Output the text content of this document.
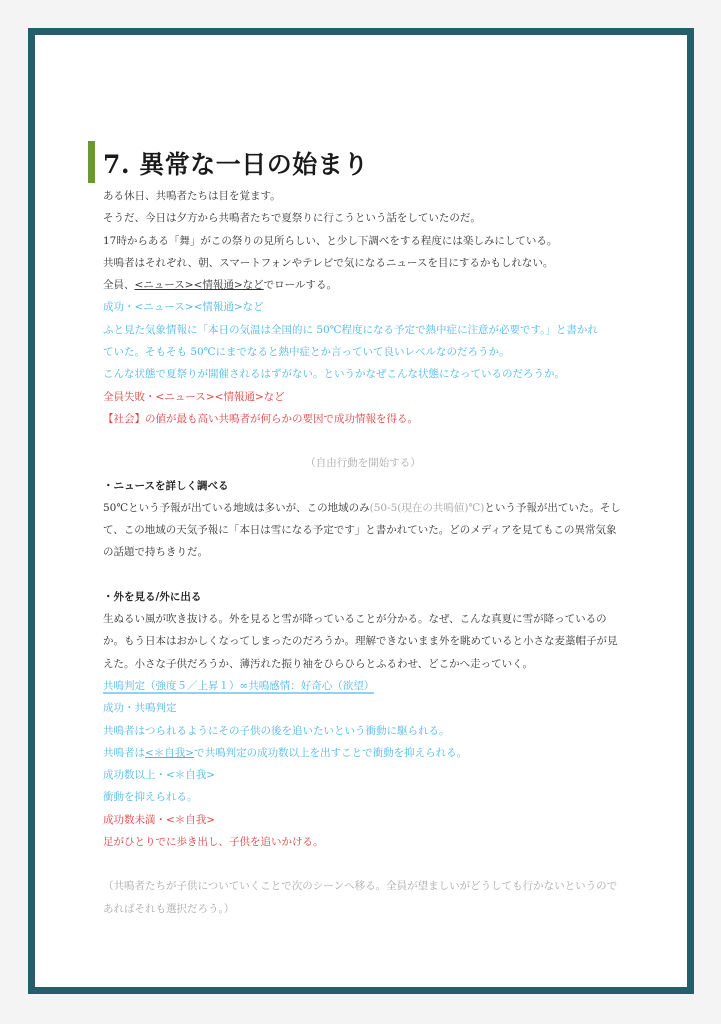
7. 異常な一日の始まり

ある休日、共鳴者たちは目を覚ます。

そうだ、今日は夕方から共鳴者たちで夏祭りに行こうという話をしていたのだ。

17時からある「舞」がこの祭りの見所らしい、と少し下調べをする程度には楽しみにしている。

共鳴者はそれぞれ、朝、スマートフォンやテレビで気になるニュースを目にするかもしれない。

全員、<ニュース><情報通>などでロールする。

成功・<ニュース><情報通>など

ふと見た気象情報に「本日の気温は全国的に 50℃程度になる予定で熱中症に注意が必要です。」と書かれ

ていた。そもそも 50℃にまでなると熱中症とか言っていて良いレベルなのだろうか。

こんな状態で夏祭りが開催されるはずがない。というかなぜこんな状態になっているのだろうか。

全員失敗・<ニュース><情報通>など

【社会】の値が最も高い共鳴者が何らかの要因で成功情報を得る。

（自由行動を開始する）

・ニュースを詳しく調べる

50℃という予報が出ている地域は多いが、この地域のみ(50-5(現在の共鳴値)℃)という予報が出ていた。そして、この地域の天気予報に「本日は雪になる予定です」と書かれていた。どのメディアを見てもこの異常気象の話題で持ちきりだ。

・外を見る/外に出る

生ぬるい風が吹き抜ける。外を見ると雪が降っていることが分かる。なぜ、こんな真夏に雪が降っているのか。もう日本はおかしくなってしまったのだろうか。理解できないまま外を眺めていると小さな麦藁帽子が見えた。小さな子供だろうか、薄汚れた振り袖をひらひらとふるわせ、どこかへ走っていく。

共鳴判定（強度５／上昇１）∞共鳴感情：好奇心（欲望）

成功・共鳴判定

共鳴者はつられるようにその子供の後を追いたいという衝動に駆られる。

共鳴者は<＊自我>で共鳴判定の成功数以上を出すことで衝動を抑えられる。

成功数以上・<＊自我>

衝動を抑えられる。

成功数未満・<＊自我>

足がひとりでに歩き出し、子供を追いかける。

（共鳴者たちが子供についていくことで次のシーンへ移る。全員が望ましいがどうしても行かないというのであればそれも選択だろう。）
